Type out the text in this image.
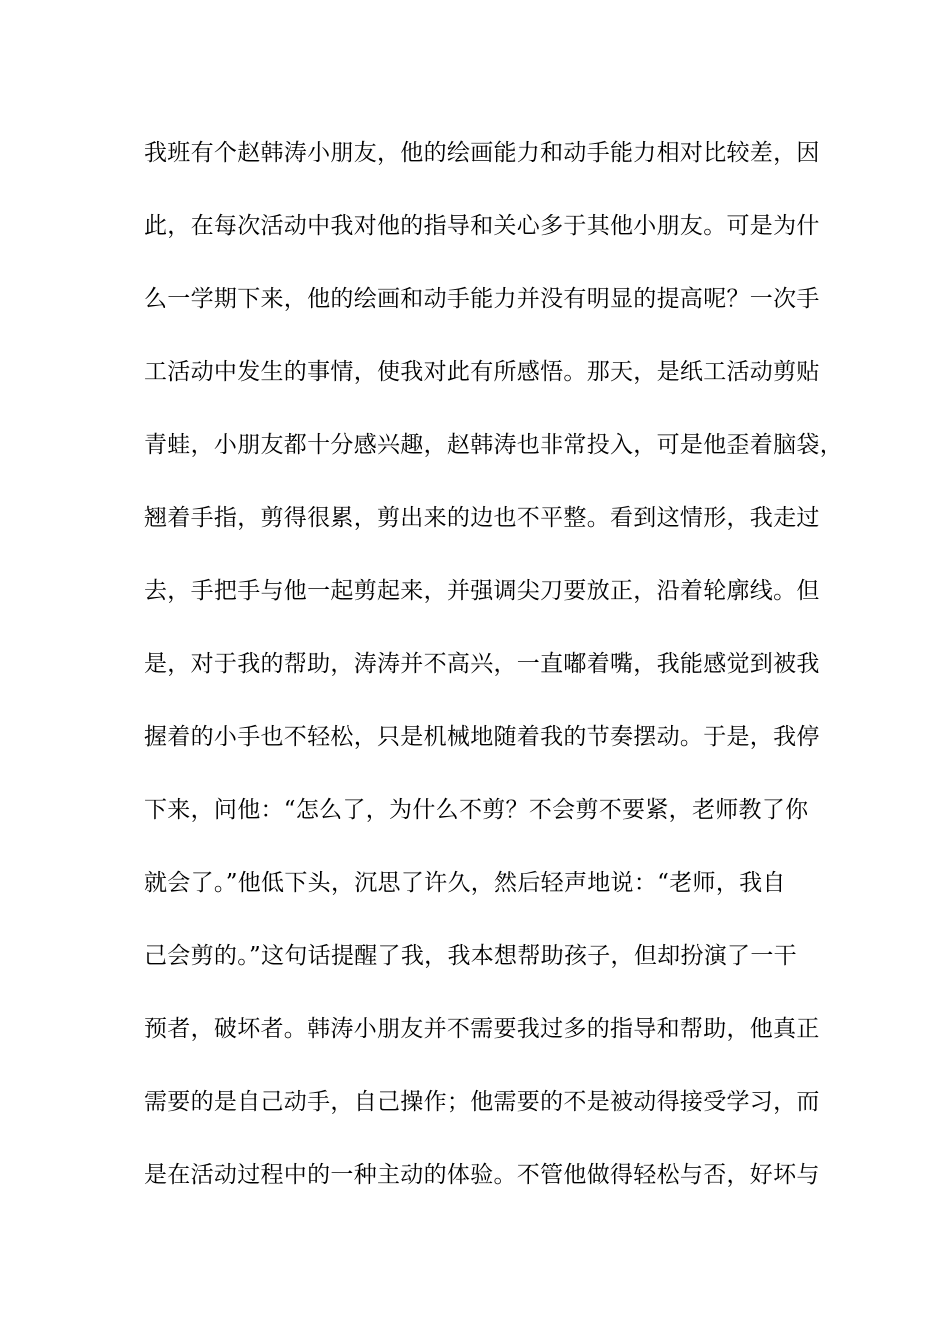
我班有个赵韩涛小朋友，他的绘画能力和动手能力相对比较差，因

此，在每次活动中我对他的指导和关心多于其他小朋友。可是为什

么一学期下来，他的绘画和动手能力并没有明显的提高呢？一次手

工活动中发生的事情，使我对此有所感悟。那天，是纸工活动剪贴

青蛙，小朋友都十分感兴趣，赵韩涛也非常投入，可是他歪着脑袋，

翘着手指，剪得很累，剪出来的边也不平整。看到这情形，我走过

去，手把手与他一起剪起来，并强调尖刀要放正，沿着轮廓线。但

是，对于我的帮助，涛涛并不高兴，一直嘟着嘴，我能感觉到被我

握着的小手也不轻松，只是机械地随着我的节奏摆动。于是，我停

下来，问他：“怎么了，为什么不剪？不会剪不要紧，老师教了你

就会了。”他低下头，沉思了许久，然后轻声地说：“老师，我自

己会剪的。”这句话提醒了我，我本想帮助孩子，但却扮演了一干

预者，破坏者。韩涛小朋友并不需要我过多的指导和帮助，他真正

需要的是自己动手，自己操作；他需要的不是被动得接受学习，而

是在活动过程中的一种主动的体验。不管他做得轻松与否，好坏与
